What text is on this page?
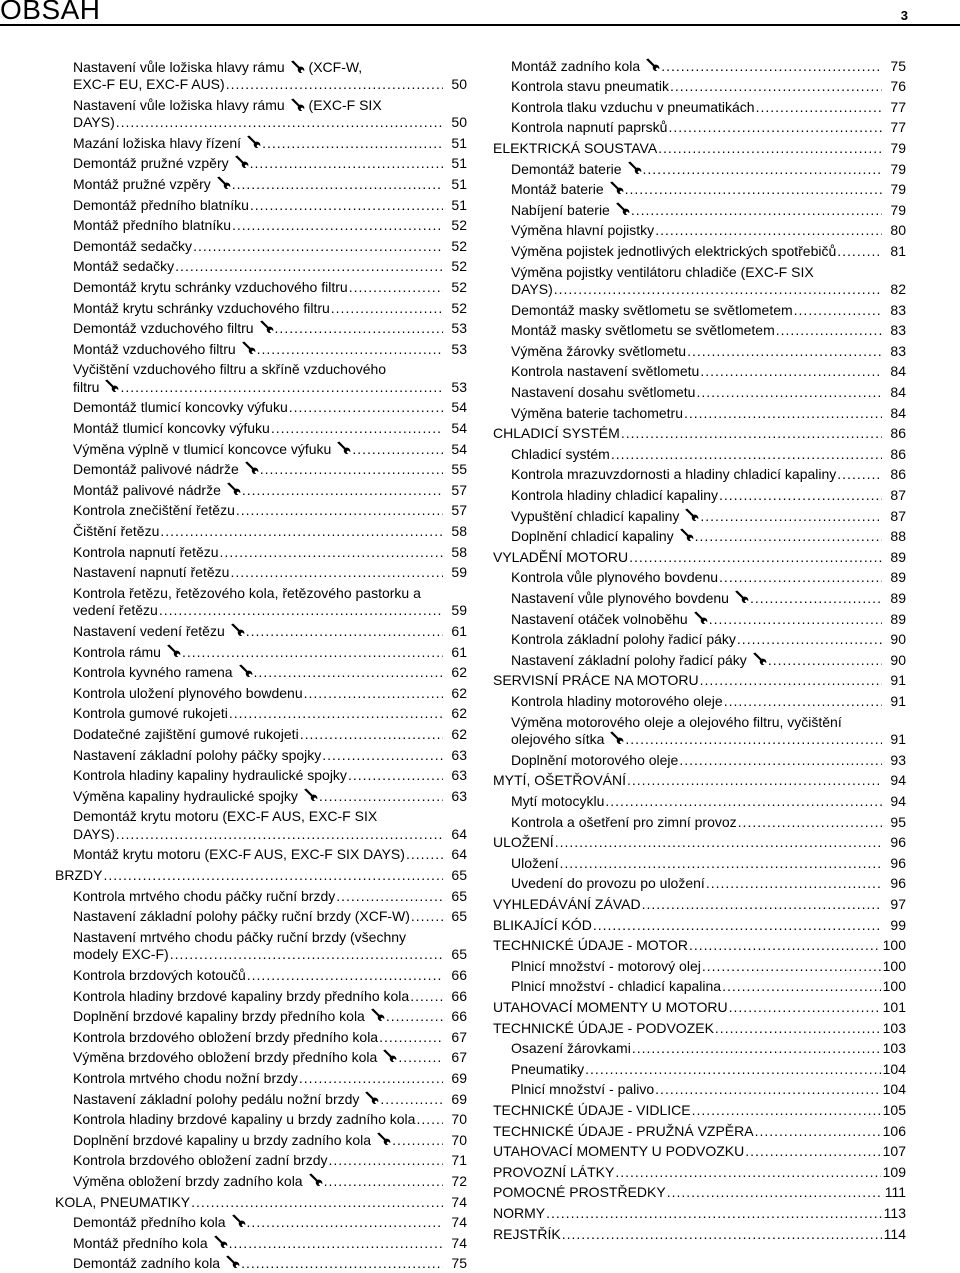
OBSAH	3
Nastavení vůle ložiska hlavy rámu
(XCF-W,
EXC-F EU, EXC-F AUS) .....	50
Nastavení vůle ložiska hlavy rámu
(EXC-F SIX
DAYS) .....	50
Mazání ložiska hlavy řízení .....	51
Demontáž pružné vzpěry .....	51
Montáž pružné vzpěry .....	51
Demontáž předního blatníku .....	51
Montáž předního blatníku .....	52
Demontáž sedačky .....	52
Montáž sedačky .....	52
Demontáž krytu schránky vzduchového filtru .....	52
Montáž krytu schránky vzduchového filtru .....	52
Demontáž vzduchového filtru .....	53
Montáž vzduchového filtru .....	53
Vyčištění vzduchového filtru a skříně vzduchového
filtru .....	53
Demontáž tlumicí koncovky výfuku .....	54
Montáž tlumicí koncovky výfuku .....	54
Výměna výplně v tlumicí koncovce výfuku .....	54
Demontáž palivové nádrže .....	55
Montáž palivové nádrže .....	57
Kontrola znečištění řetězu .....	57
Čištění řetězu .....	58
Kontrola napnutí řetězu .....	58
Nastavení napnutí řetězu .....	59
Kontrola řetězu, řetězového kola, řetězového pastorku a
vedení řetězu .....	59
Nastavení vedení řetězu .....	61
Kontrola rámu .....	61
Kontrola kyvného ramena .....	62
Kontrola uložení plynového bowdenu .....	62
Kontrola gumové rukojeti .....	62
Dodatečné zajištění gumové rukojeti .....	62
Nastavení základní polohy páčky spojky .....	63
Kontrola hladiny kapaliny hydraulické spojky .....	63
Výměna kapaliny hydraulické spojky .....	63
Demontáž krytu motoru (EXC-F AUS, EXC-F SIX
DAYS) .....	64
Montáž krytu motoru (EXC-F AUS, EXC-F SIX DAYS) .....	64
BRZDY .....	65
Kontrola mrtvého chodu páčky ruční brzdy .....	65
Nastavení základní polohy páčky ruční brzdy (XCF-W) .....	65
Nastavení mrtvého chodu páčky ruční brzdy (všechny
modely EXC-F) .....	65
Kontrola brzdových kotoučů .....	66
Kontrola hladiny brzdové kapaliny brzdy předního kola .....	66
Doplnění brzdové kapaliny brzdy předního kola .....	66
Kontrola brzdového obložení brzdy předního kola .....	67
Výměna brzdového obložení brzdy předního kola .....	67
Kontrola mrtvého chodu nožní brzdy .....	69
Nastavení základní polohy pedálu nožní brzdy .....	69
Kontrola hladiny brzdové kapaliny u brzdy zadního kola .....	70
Doplnění brzdové kapaliny u brzdy zadního kola .....	70
Kontrola brzdového obložení zadní brzdy .....	71
Výměna obložení brzdy zadního kola .....	72
KOLA, PNEUMATIKY .....	74
Demontáž předního kola .....	74
Montáž předního kola .....	74
Demontáž zadního kola .....	75
Montáž zadního kola .....	75
Kontrola stavu pneumatik .....	76
Kontrola tlaku vzduchu v pneumatikách .....	77
Kontrola napnutí paprsků .....	77
ELEKTRICKÁ SOUSTAVA .....	79
Demontáž baterie .....	79
Montáž baterie .....	79
Nabíjení baterie .....	79
Výměna hlavní pojistky .....	80
Výměna pojistek jednotlivých elektrických spotřebičů .....	81
Výměna pojistky ventilátoru chladiče (EXC-F SIX
DAYS) .....	82
Demontáž masky světlometu se světlometem .....	83
Montáž masky světlometu se světlometem .....	83
Výměna žárovky světlometu .....	83
Kontrola nastavení světlometu .....	84
Nastavení dosahu světlometu .....	84
Výměna baterie tachometru .....	84
CHLADICÍ SYSTÉM .....	86
Chladicí systém .....	86
Kontrola mrazuvzdornosti a hladiny chladicí kapaliny .....	86
Kontrola hladiny chladicí kapaliny .....	87
Vypuštění chladicí kapaliny .....	87
Doplnění chladicí kapaliny .....	88
VYLADĚNÍ MOTORU .....	89
Kontrola vůle plynového bovdenu .....	89
Nastavení vůle plynového bovdenu .....	89
Nastavení otáček volnoběhu .....	89
Kontrola základní polohy řadicí páky .....	90
Nastavení základní polohy řadicí páky .....	90
SERVISNÍ PRÁCE NA MOTORU .....	91
Kontrola hladiny motorového oleje .....	91
Výměna motorového oleje a olejového filtru, vyčištění
olejového sítka .....	91
Doplnění motorového oleje .....	93
MYTÍ, OŠETŘOVÁNÍ .....	94
Mytí motocyklu .....	94
Kontrola a ošetření pro zimní provoz .....	95
ULOŽENÍ .....	96
Uložení .....	96
Uvedení do provozu po uložení .....	96
VYHLEDÁVÁNÍ ZÁVAD .....	97
BLIKAJÍCÍ KÓD .....	99
TECHNICKÉ ÚDAJE - MOTOR .....	100
Plnicí množství - motorový olej .....	100
Plnicí množství - chladicí kapalina .....	100
UTAHOVACÍ MOMENTY U MOTORU .....	101
TECHNICKÉ ÚDAJE - PODVOZEK .....	103
Osazení žárovkami .....	103
Pneumatiky .....	104
Plnicí množství - palivo .....	104
TECHNICKÉ ÚDAJE - VIDLICE .....	105
TECHNICKÉ ÚDAJE - PRUŽNÁ VZPĚRA .....	106
UTAHOVACÍ MOMENTY U PODVOZKU .....	107
PROVOZNÍ LÁTKY .....	109
POMOCNÉ PROSTŘEDKY .....	111
NORMY .....	113
REJSTŘÍK .....	114
